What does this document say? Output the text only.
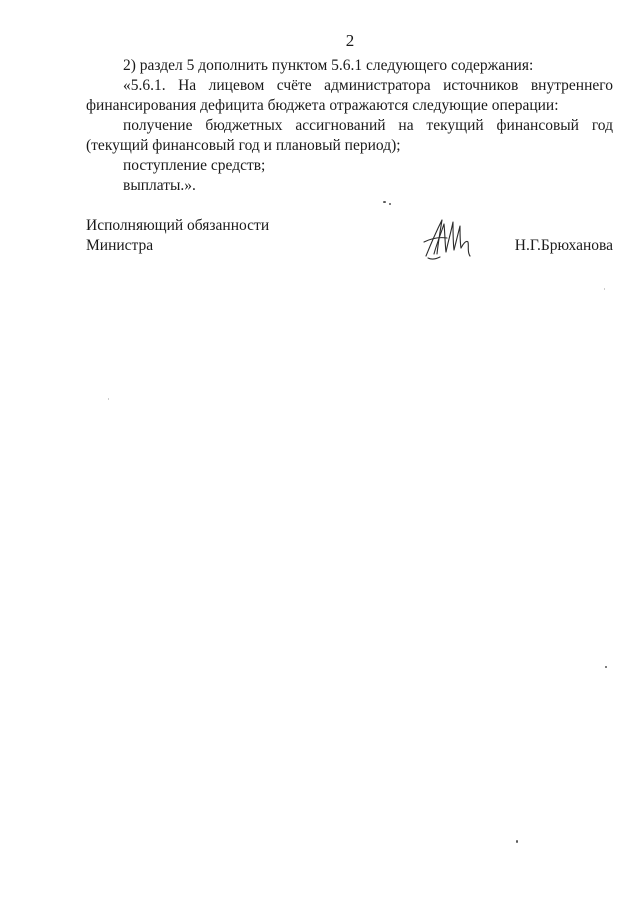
2

2) раздел 5 дополнить пунктом 5.6.1 следующего содержания:

«5.6.1. На лицевом счёте администратора источников внутреннего финансирования дефицита бюджета отражаются следующие операции:

получение бюджетных ассигнований на текущий финансовый год (текущий финансовый год и плановый период);

поступление средств;

выплаты.».

Исполняющий обязанности

Министра	Н.Г.Брюханова
